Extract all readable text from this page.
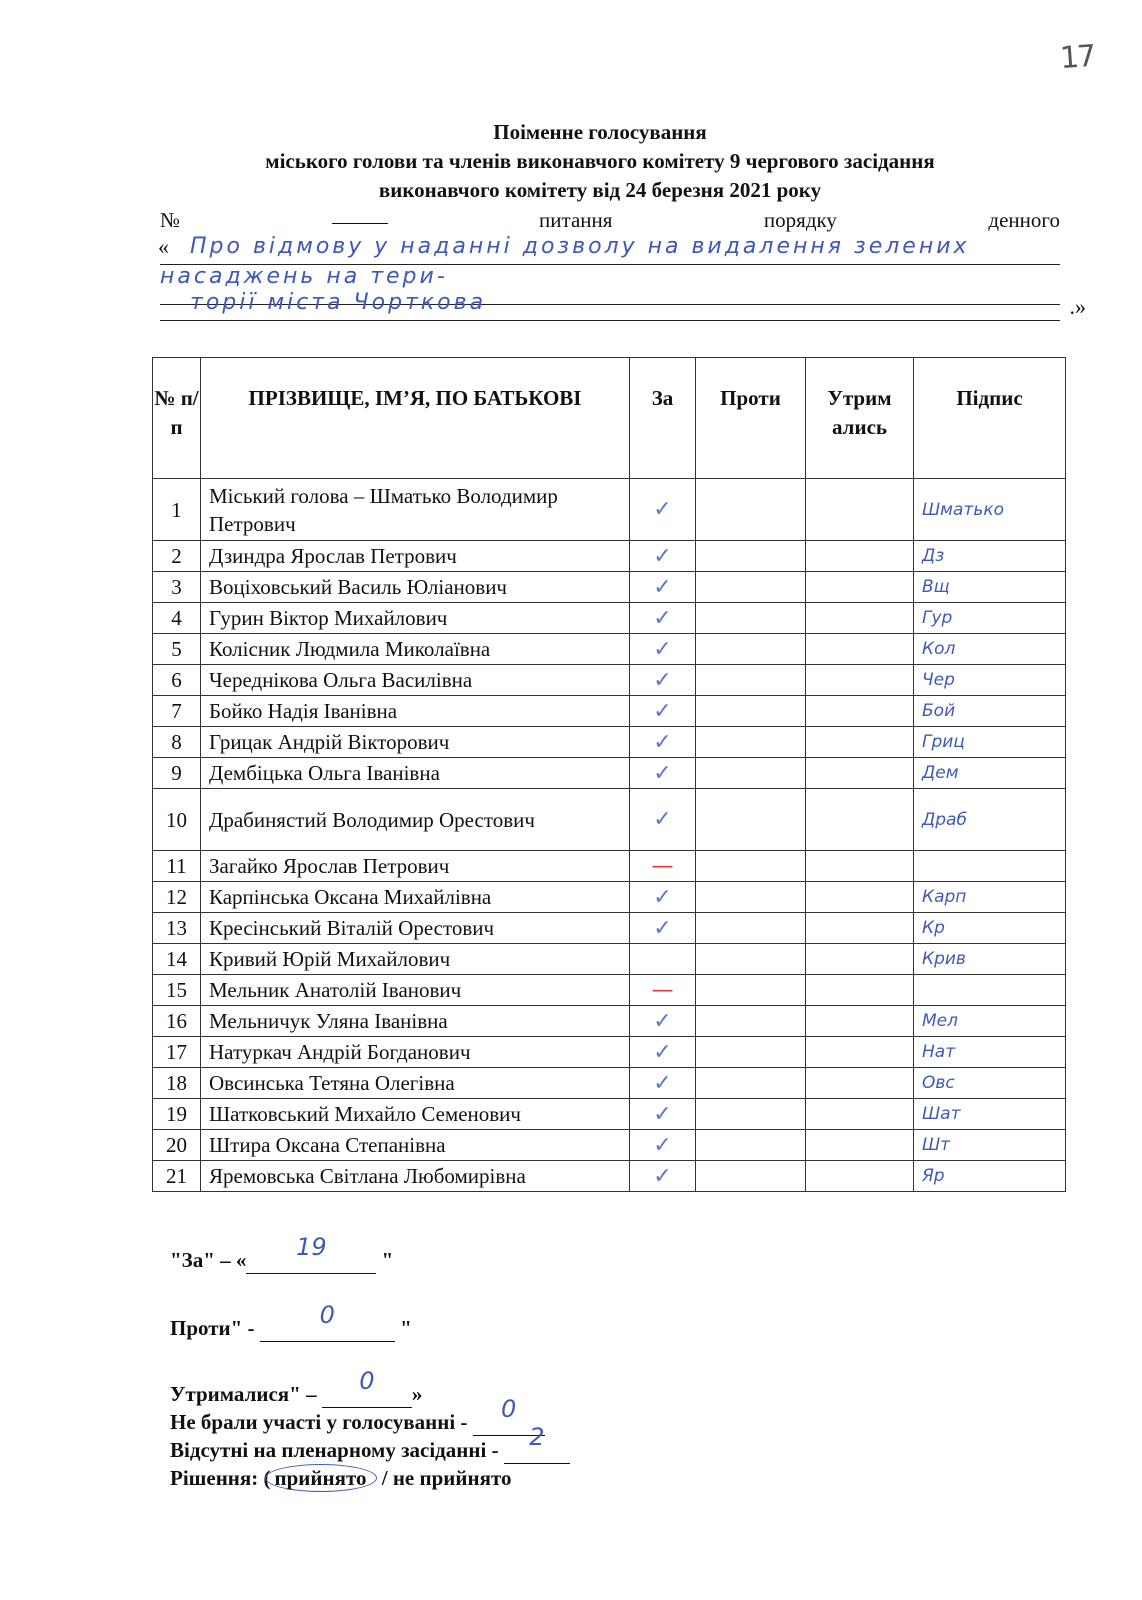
17
Поіменне голосування
міського голови та членів виконавчого комітету 9 чергового засідання
виконавчого комітету від 24 березня 2021 року
№	питання	порядку	денного
« Про відмову у наданні дозволу на видалення зелених насаджень на тери-
торії міста Чорткова	.»
№ п/п	ПРІЗВИЩЕ, ІМ’Я, ПО БАТЬКОВІ	За	Проти	Утрим ались	Підпис
1	Міський голова – Шматько Володимир Петрович	✓			Шматько
2	Дзиндра Ярослав Петрович	✓			Дз
3	Воціховський Василь Юліанович	✓			Вщ
4	Гурин Віктор Михайлович	✓			Гур
5	Колісник Людмила Миколаївна	✓			Кол
6	Череднікова Ольга Василівна	✓			Чер
7	Бойко Надія Іванівна	✓			Бой
8	Грицак Андрій Вікторович	✓			Гриц
9	Дембіцька Ольга Іванівна	✓			Дем
10	Драбинястий Володимир Орестович	✓			Драб
11	Загайко Ярослав Петрович	—			
12	Карпінська Оксана Михайлівна	✓			Карп
13	Кресінський Віталій Орестович	✓			Кр
14	Кривий Юрій Михайлович				Крив
15	Мельник Анатолій Іванович	—			
16	Мельничук Уляна Іванівна	✓			Мел
17	Натуркач Андрій Богданович	✓			Нат
18	Овсинська Тетяна Олегівна	✓			Овс
19	Шатковський Михайло Семенович	✓			Шат
20	Штира Оксана Степанівна	✓			Шт
21	Яремовська Світлана Любомирівна	✓			Яр
"За" – « 19 "
Проти" -	0	"
Утрималися" – 0 »
Не брали участі у голосуванні - 0
Відсутні на пленарному засіданні - 2
Рішення: ( прийнято / не прийнято
